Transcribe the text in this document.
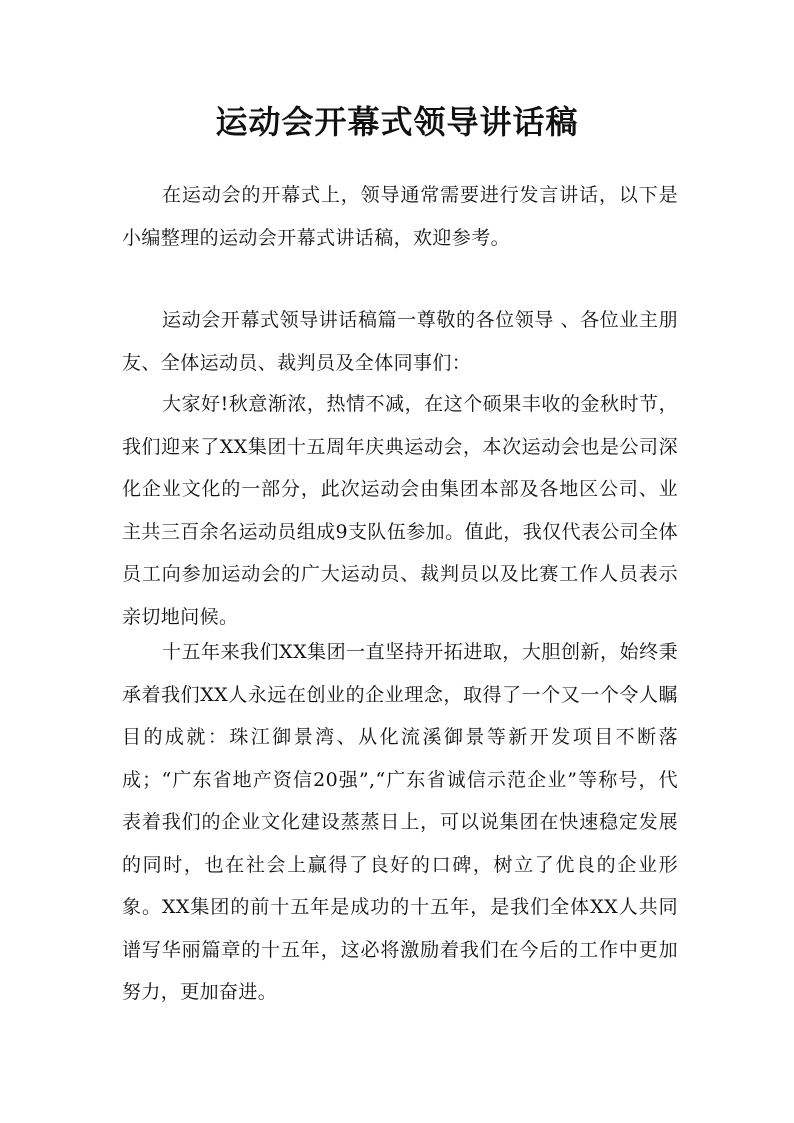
运动会开幕式领导讲话稿

在运动会的开幕式上，领导通常需要进行发言讲话，以下是小编整理的运动会开幕式讲话稿，欢迎参考。

运动会开幕式领导讲话稿篇一尊敬的各位领导 、各位业主朋友、全体运动员、裁判员及全体同事们：

大家好!秋意渐浓，热情不减，在这个硕果丰收的金秋时节，我们迎来了XX集团十五周年庆典运动会，本次运动会也是公司深化企业文化的一部分，此次运动会由集团本部及各地区公司、业主共三百余名运动员组成9支队伍参加。值此，我仅代表公司全体员工向参加运动会的广大运动员、裁判员以及比赛工作人员表示亲切地问候。

十五年来我们XX集团一直坚持开拓进取，大胆创新，始终秉承着我们XX人永远在创业的企业理念，取得了一个又一个令人瞩目的成就：珠江御景湾、从化流溪御景等新开发项目不断落成；“广东省地产资信20强”,“广东省诚信示范企业”等称号，代表着我们的企业文化建设蒸蒸日上，可以说集团在快速稳定发展的同时，也在社会上赢得了良好的口碑，树立了优良的企业形象。XX集团的前十五年是成功的十五年，是我们全体XX人共同谱写华丽篇章的十五年，这必将激励着我们在今后的工作中更加努力，更加奋进。
